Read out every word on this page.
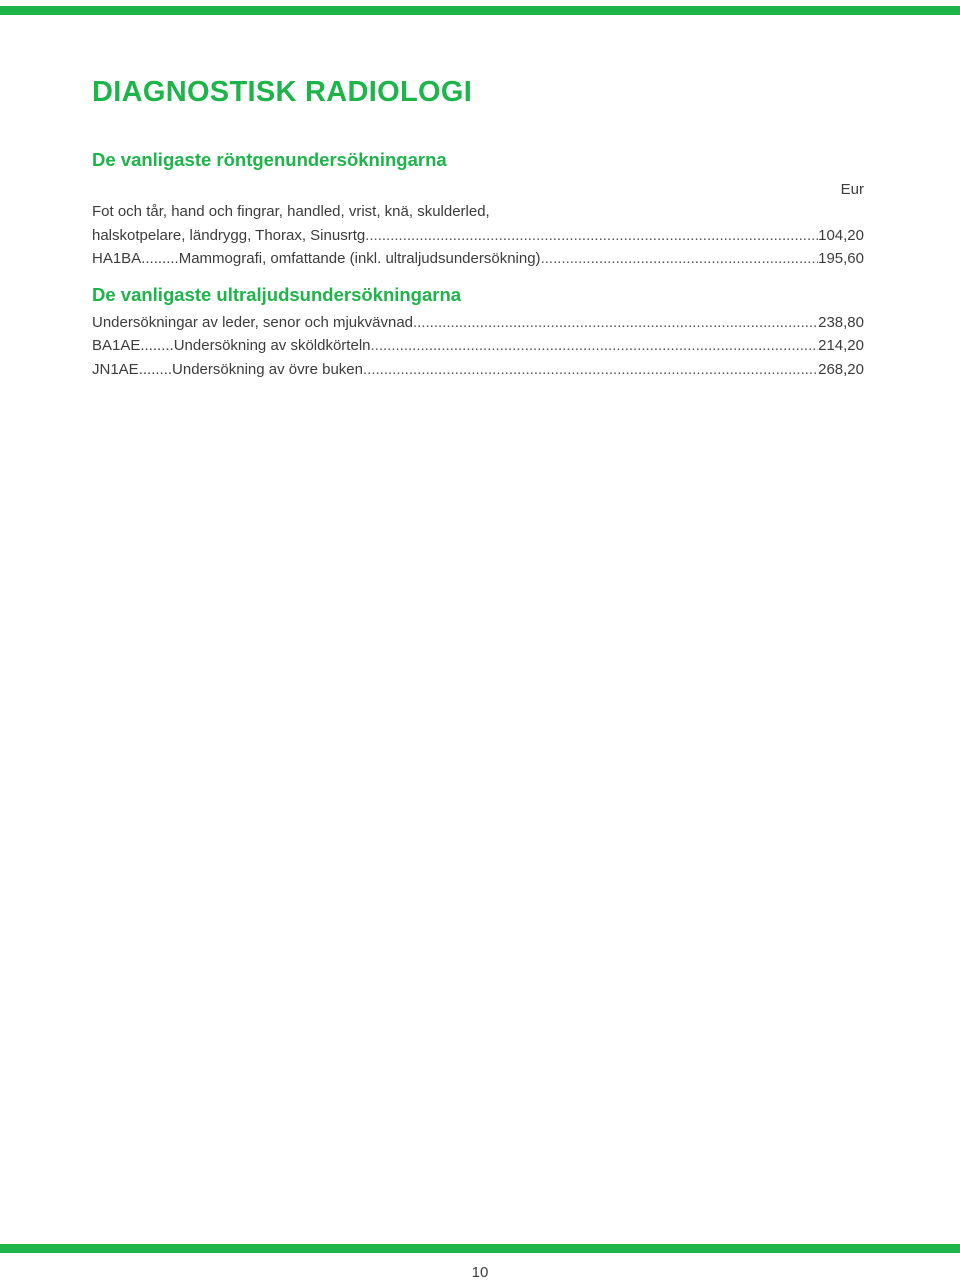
DIAGNOSTISK RADIOLOGI
De vanligaste röntgenundersökningarna
Eur
Fot och tår, hand och fingrar, handled, vrist, knä, skulderled,
halskotpelare, ländrygg, Thorax, Sinusrtg .....	104,20
HA1BA ......... Mammografi, omfattande (inkl. ultraljudsundersökning) .....	195,60
De vanligaste ultraljudsundersökningarna
Undersökningar av leder, senor och mjukvävnad .....	238,80
BA1AE ........ Undersökning av sköldkörteln .....	214,20
JN1AE ........ Undersökning av övre buken .....	268,20
10
